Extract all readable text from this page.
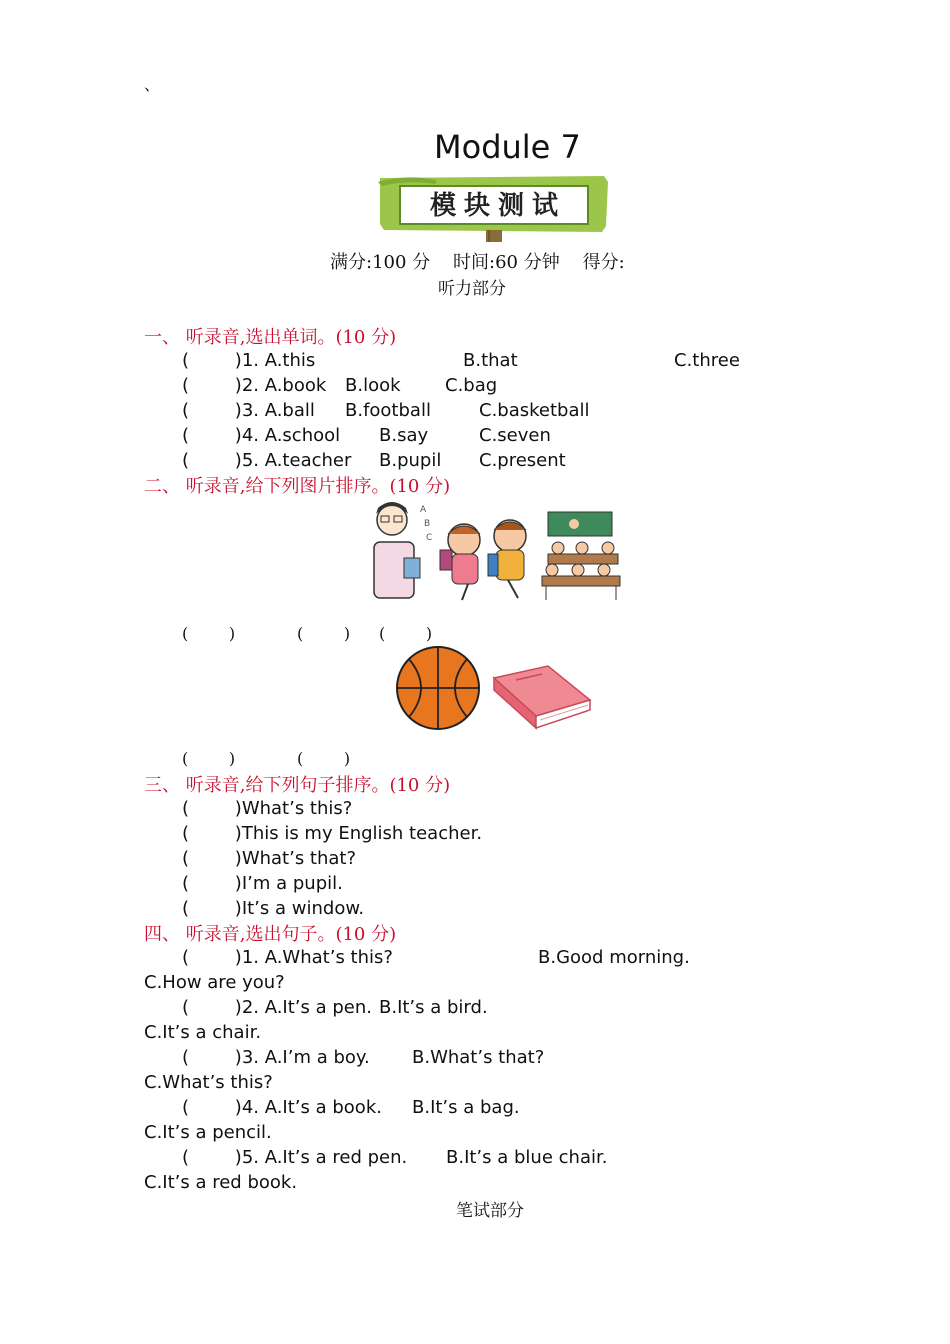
、
Module 7
模块测试
满分:100 分    时间:60 分钟    得分:
听力部分
一、 听录音,选出单词。(10 分)
(        )1. A.this	B.that	C.three
(        )2. A.book B.look C.bag
(        )3. A.ball B.football	C.basketball
(        )4. A.school B.say	C.seven
(        )5. A.teacher B.pupil C.present
二、 听录音,给下列图片排序。(10 分)
A
B
C
(        )	(        ) (        )
(        )	(        )
三、 听录音,给下列句子排序。(10 分)
(        )What’s this?
(        )This is my English teacher.
(        )What’s that?
(        )I’m a pupil.
(        )It’s a window.
四、 听录音,选出句子。(10 分)
(        )1. A.What’s this?	B.Good morning.
C.How are you?
(        )2. A.It’s a pen. B.It’s a bird.
C.It’s a chair.
(        )3. A.I’m a boy. B.What’s that?
C.What’s this?
(        )4. A.It’s a book. B.It’s a bag.
C.It’s a pencil.
(        )5. A.It’s a red pen. B.It’s a blue chair.
C.It’s a red book.
笔试部分
